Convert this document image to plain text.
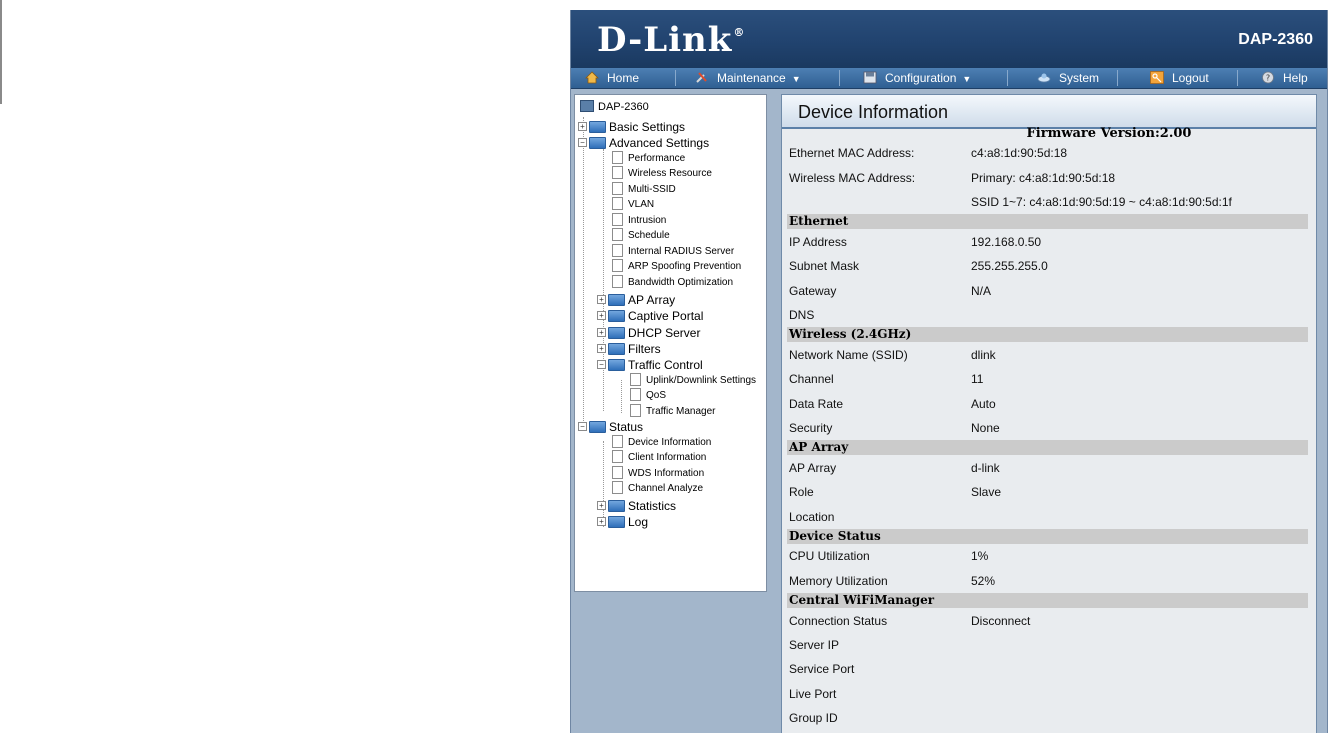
D-Link®	DAP-2360
Home	Maintenance ▼	Configuration ▼	System	Logout	? Help
DAP-2360
+ Basic Settings
− Advanced Settings
Performance
Wireless Resource
Multi-SSID
VLAN
Intrusion
Schedule
Internal RADIUS Server
ARP Spoofing Prevention
Bandwidth Optimization
+ AP Array
+ Captive Portal
+ DHCP Server
+ Filters
− Traffic Control
Uplink/Downlink Settings
QoS
Traffic Manager
− Status
Device Information
Client Information
WDS Information
Channel Analyze
+ Statistics
+ Log
Device Information
Firmware Version:2.00
Ethernet MAC Address:	c4:a8:1d:90:5d:18
Wireless MAC Address:	Primary: c4:a8:1d:90:5d:18
SSID 1~7: c4:a8:1d:90:5d:19 ~ c4:a8:1d:90:5d:1f
Ethernet
IP Address	192.168.0.50
Subnet Mask	255.255.255.0
Gateway	N/A
DNS
Wireless (2.4GHz)
Network Name (SSID)	dlink
Channel	11
Data Rate	Auto
Security	None
AP Array
AP Array	d-link
Role	Slave
Location
Device Status
CPU Utilization	1%
Memory Utilization	52%
Central WiFiManager
Connection Status	Disconnect
Server IP
Service Port
Live Port
Group ID
